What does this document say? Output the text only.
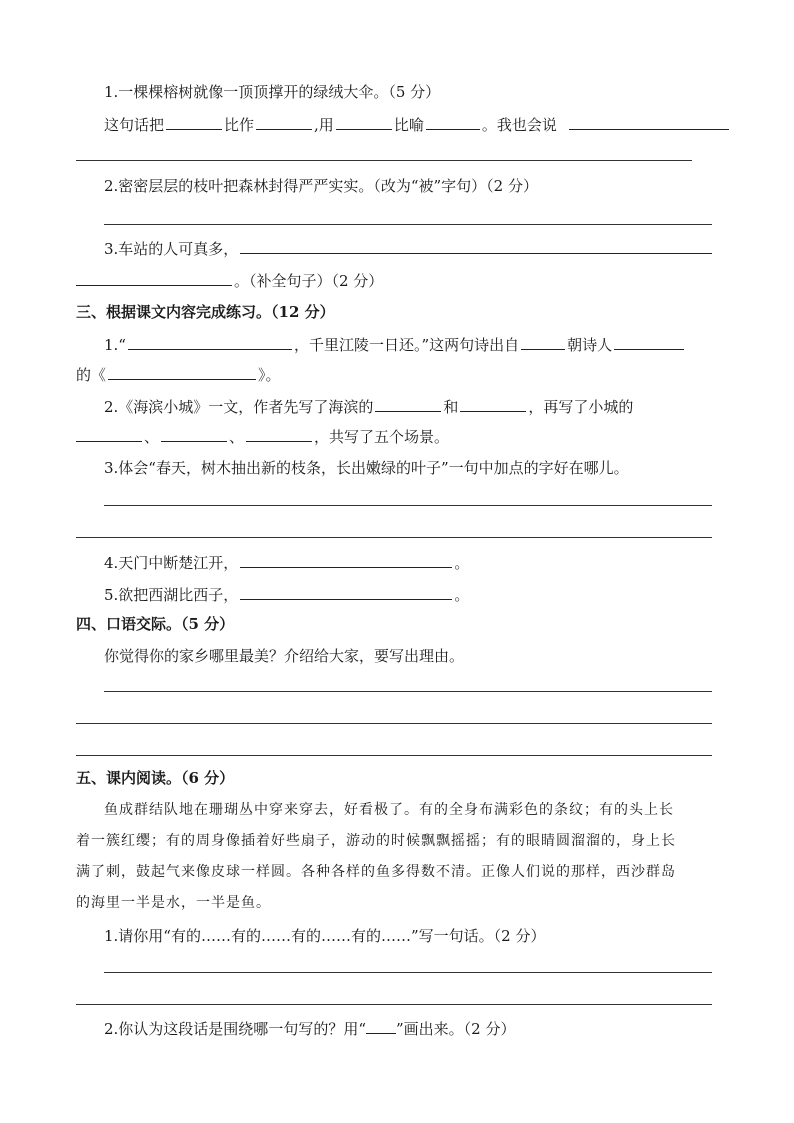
1.一棵棵榕树就像一顶顶撑开的绿绒大伞。（5 分）
这句话把	比作	,用	比喻	。我也会说
2.密密层层的枝叶把森林封得严严实实。（改为“被”字句）（2 分）
3.车站的人可真多，
。（补全句子）（2 分）
三、根据课文内容完成练习。（12 分）
1.“	，千里江陵一日还。”这两句诗出自	朝诗人
的《	》。
2.《海滨小城》一文，作者先写了海滨的	和	，再写了小城的
、	、	，共写了五个场景。
3.体会“春天，树木抽出新的枝条，长出嫩绿的叶子”一句中加点的字好在哪儿。
4.天门中断楚江开，	。
5.欲把西湖比西子，	。
四、口语交际。（5 分）
你觉得你的家乡哪里最美？介绍给大家，要写出理由。
五、课内阅读。（6 分）
鱼成群结队地在珊瑚丛中穿来穿去，好看极了。有的全身布满彩色的条纹；有的头上长
着一簇红缨；有的周身像插着好些扇子，游动的时候飘飘摇摇；有的眼睛圆溜溜的，身上长
满了刺，鼓起气来像皮球一样圆。各种各样的鱼多得数不清。正像人们说的那样，西沙群岛
的海里一半是水，一半是鱼。
1.请你用“有的……有的……有的……有的……”写一句话。（2 分）
2.你认为这段话是围绕哪一句写的？用“ ”画出来。（2 分）
